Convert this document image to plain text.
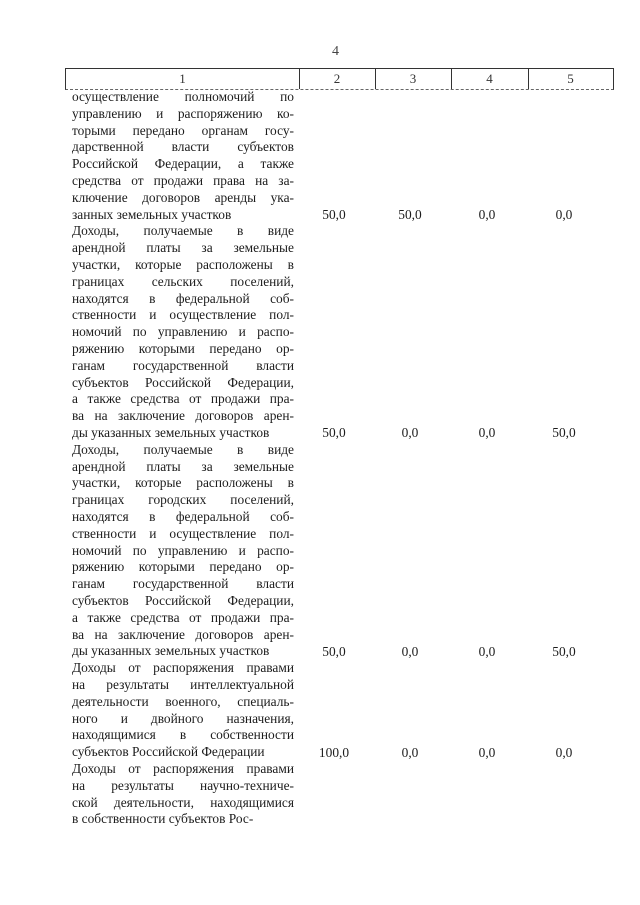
4
1	2	3	4	5
осуществление полномочий по
управлению и распоряжению ко-
торыми передано органам госу-
дарственной власти субъектов
Российской Федерации, а также
средства от продажи права на за-
ключение договоров аренды ука-
занных земельных участков	50,0	50,0	0,0	0,0
Доходы, получаемые в виде
арендной платы за земельные
участки, которые расположены в
границах сельских поселений,
находятся в федеральной соб-
ственности и осуществление пол-
номочий по управлению и распо-
ряжению которыми передано ор-
ганам государственной власти
субъектов Российской Федерации,
а также средства от продажи пра-
ва на заключение договоров арен-
ды указанных земельных участков	50,0	0,0	0,0	50,0
Доходы, получаемые в виде
арендной платы за земельные
участки, которые расположены в
границах городских поселений,
находятся в федеральной соб-
ственности и осуществление пол-
номочий по управлению и распо-
ряжению которыми передано ор-
ганам государственной власти
субъектов Российской Федерации,
а также средства от продажи пра-
ва на заключение договоров арен-
ды указанных земельных участков	50,0	0,0	0,0	50,0
Доходы от распоряжения правами
на результаты интеллектуальной
деятельности военного, специаль-
ного и двойного назначения,
находящимися в собственности
субъектов Российской Федерации	100,0	0,0	0,0	0,0
Доходы от распоряжения правами
на результаты научно-техниче-
ской деятельности, находящимися
в собственности субъектов Рос-
